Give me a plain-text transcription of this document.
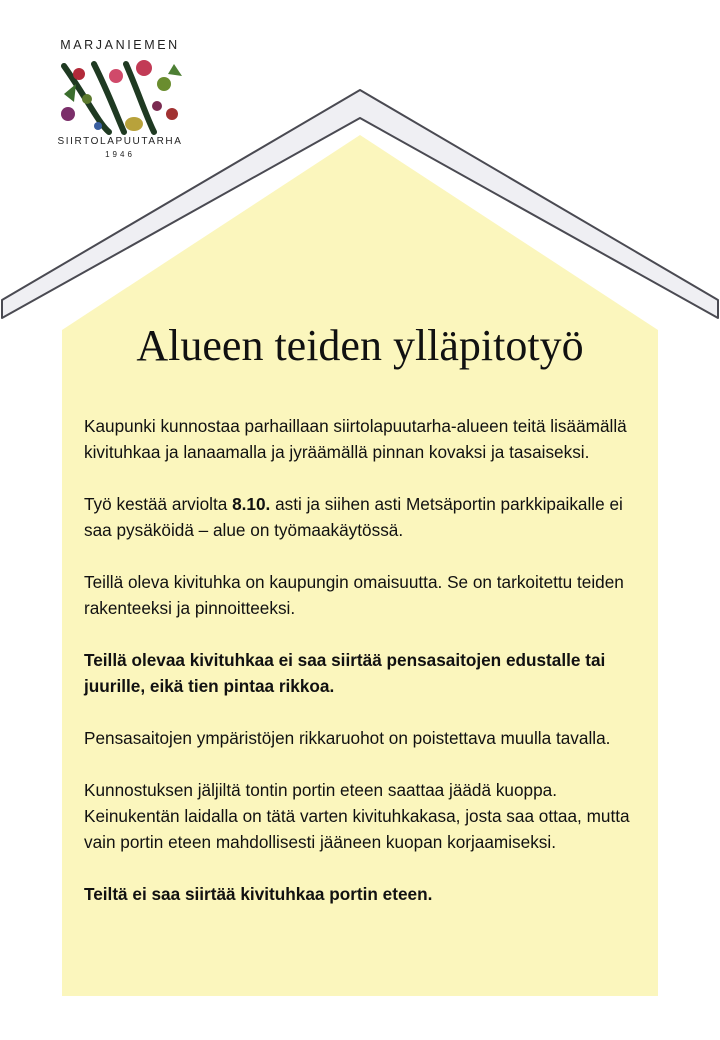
MARJANIEMEN
SIIRTOLAPUUTARHA
1946
Alueen teiden ylläpitotyö

Kaupunki kunnostaa parhaillaan siirtolapuutarha-alueen teitä lisäämällä kivituhkaa ja lanaamalla ja jyräämällä pinnan kovaksi ja tasaiseksi.

Työ kestää arviolta 8.10. asti ja siihen asti Metsäportin parkkipaikalle ei saa pysäköidä – alue on työmaakäytössä.

Teillä oleva kivituhka on kaupungin omaisuutta. Se on tarkoitettu teiden rakenteeksi ja pinnoitteeksi.

Teillä olevaa kivituhkaa ei saa siirtää pensasaitojen edustalle tai juurille, eikä tien pintaa rikkoa.

Pensasaitojen ympäristöjen rikkaruohot on poistettava muulla tavalla.

Kunnostuksen jäljiltä tontin portin eteen saattaa jäädä kuoppa. Keinukentän laidalla on tätä varten kivituhkakasa, josta saa ottaa, mutta vain portin eteen mahdollisesti jääneen kuopan korjaamiseksi.

Teiltä ei saa siirtää kivituhkaa portin eteen.
